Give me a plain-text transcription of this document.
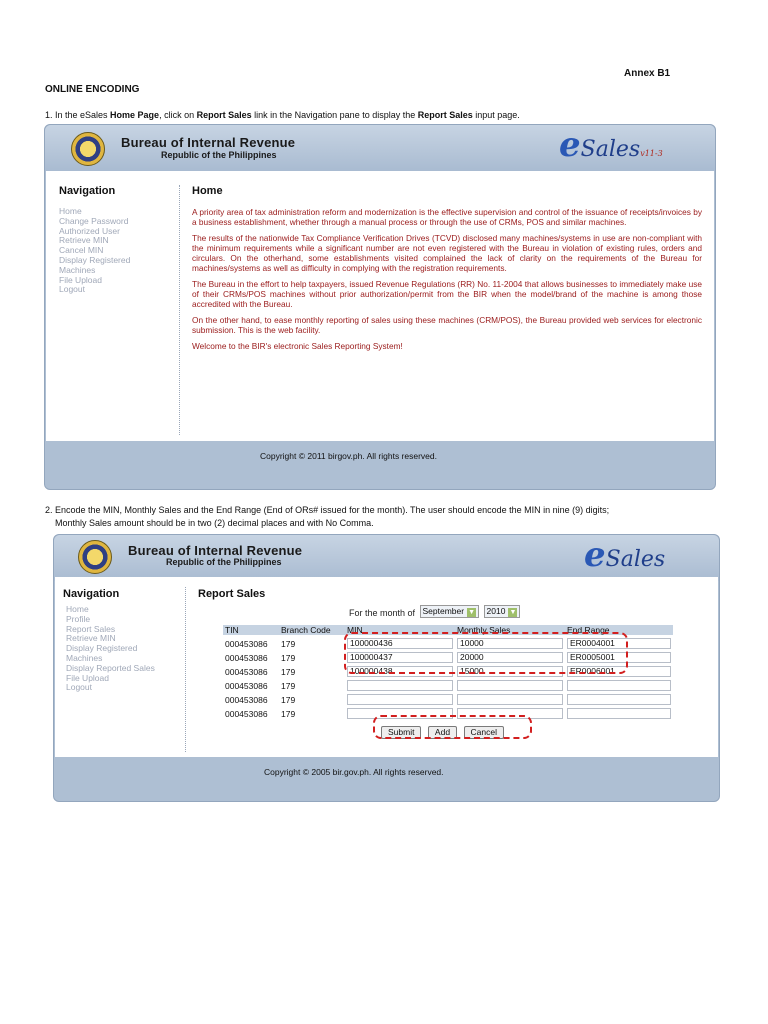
Annex B1
ONLINE ENCODING
1. In the eSales Home Page, click on Report Sales link in the Navigation pane to display the Report Sales input page.
Bureau of Internal Revenue
Republic of the Philippines	eSalesv11-3
Navigation
Home
Change Password
Authorized User
Retrieve MIN
Cancel MIN
Display Registered
Machines
File Upload
Logout
Home

A priority area of tax administration reform and modernization is the effective supervision and control of the issuance of receipts/invoices by a business establishment, whether through a manual process or through the use of CRMs, POS and similar machines.

The results of the nationwide Tax Compliance Verification Drives (TCVD) disclosed many machines/systems in use are non-compliant with the minimum requirements while a significant number are not even registered with the Bureau in violation of existing rules, orders and circulars. On the otherhand, some establishments visited complained the lack of clarity on the requirements of the Bureau for machines/systems as well as difficulty in complying with the registration requirements.

The Bureau in the effort to help taxpayers, issued Revenue Regulations (RR) No. 11-2004 that allows businesses to immediately make use of their CRMs/POS machines without prior authorization/permit from the BIR when the model/brand of the machine is among those accredited with the Bureau.

On the other hand, to ease monthly reporting of sales using these machines (CRM/POS), the Bureau provided web services for electronic submission. This is the web facility.

Welcome to the BIR's electronic Sales Reporting System!

Copyright © 2011 birgov.ph. All rights reserved.
2. Encode the MIN, Monthly Sales and the End Range (End of ORs# issued for the month). The user should encode the MIN in nine (9) digits;
Monthly Sales amount should be in two (2) decimal places and with No Comma.
Bureau of Internal Revenue
Republic of the Philippines	eSales
Navigation
Home
Profile
Report Sales
Retrieve MIN
Display Registered
Machines
Display Reported Sales
File Upload
Logout
Report Sales
For the month of September ▼ 2010 ▼
TIN	Branch Code	MIN	Monthly Sales	End Range
000453086	179	100000436	10000	ER0004001

000453086	179	100000437	20000	ER0005001

000453086	179	100000438	15000	ER0006001

000453086	179	

000453086	179	

000453086	179	

Submit Add Cancel
Copyright © 2005 bir.gov.ph. All rights reserved.
